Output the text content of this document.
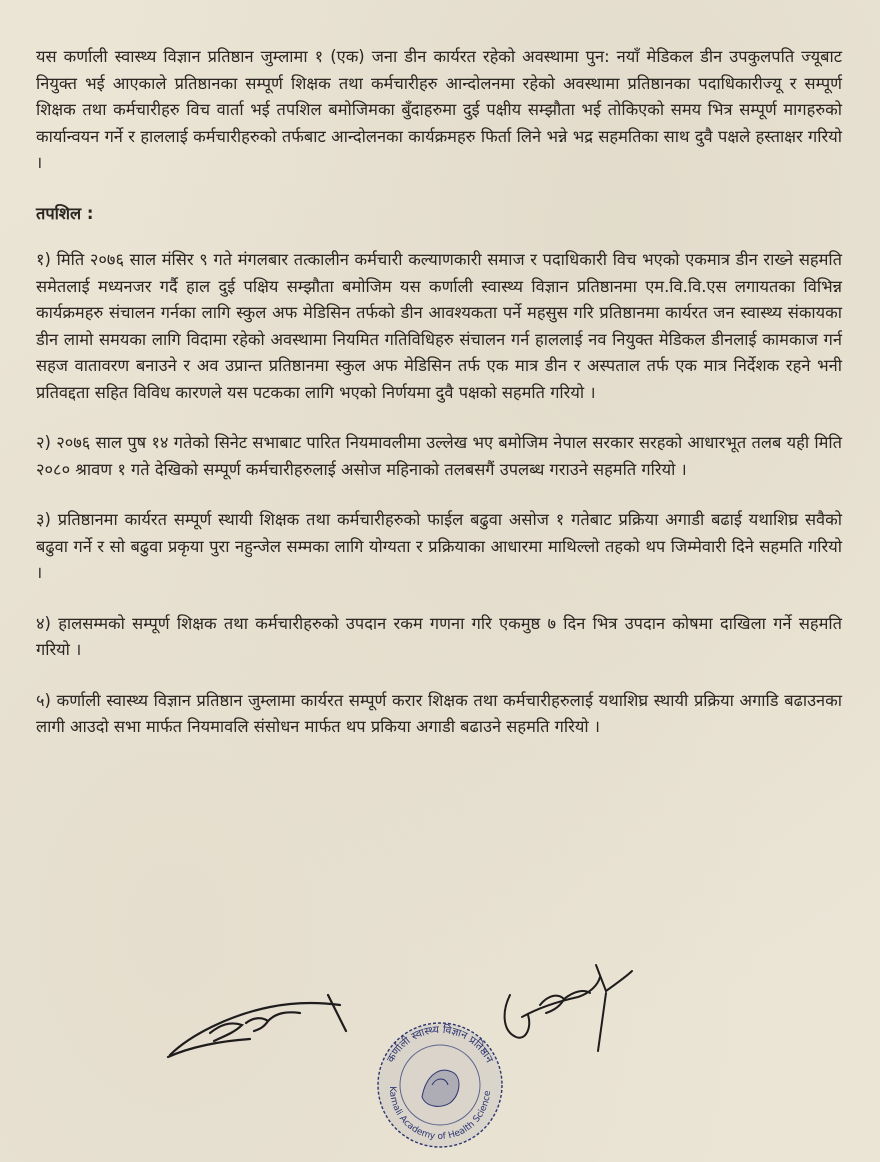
यस कर्णाली स्वास्थ्य विज्ञान प्रतिष्ठान जुम्लामा १ (एक) जना डीन कार्यरत रहेको अवस्थामा पुन: नयाँ मेडिकल डीन उपकुलपति ज्यूबाट नियुक्त भई आएकाले प्रतिष्ठानका सम्पूर्ण शिक्षक तथा कर्मचारीहरु आन्दोलनमा रहेको अवस्थामा प्रतिष्ठानका पदाधिकारीज्यू र सम्पूर्ण शिक्षक तथा कर्मचारीहरु विच वार्ता भई तपशिल बमोजिमका बुँदाहरुमा दुई पक्षीय सम्झौता भई तोकिएको समय भित्र सम्पूर्ण मागहरुको कार्यान्वयन गर्ने र हाललाई कर्मचारीहरुको तर्फबाट आन्दोलनका कार्यक्रमहरु फिर्ता लिने भन्ने भद्र सहमतिका साथ दुवै पक्षले हस्ताक्षर गरियो ।

तपशिल :

१) मिति २०७६ साल मंसिर ९ गते मंगलबार तत्कालीन कर्मचारी कल्याणकारी समाज र पदाधिकारी विच भएको एकमात्र डीन राख्ने सहमति समेतलाई मध्यनजर गर्दै हाल दुई पक्षिय सम्झौता बमोजिम यस कर्णाली स्वास्थ्य विज्ञान प्रतिष्ठानमा एम.वि.वि.एस लगायतका विभिन्न कार्यक्रमहरु संचालन गर्नका लागि स्कुल अफ मेडिसिन तर्फको डीन आवश्यकता पर्ने महसुस गरि प्रतिष्ठानमा कार्यरत जन स्वास्थ्य संकायका डीन लामो समयका लागि विदामा रहेको अवस्थामा नियमित गतिविधिहरु संचालन गर्न हाललाई नव नियुक्त मेडिकल डीनलाई कामकाज गर्न सहज वातावरण बनाउने र अव उप्रान्त प्रतिष्ठानमा स्कुल अफ मेडिसिन तर्फ एक मात्र डीन र अस्पताल तर्फ एक मात्र निर्देशक रहने भनी प्रतिवद्दता सहित विविध कारणले यस पटकका लागि भएको निर्णयमा दुवै पक्षको सहमति गरियो ।

२) २०७६ साल पुष १४ गतेको सिनेट सभाबाट पारित नियमावलीमा उल्लेख भए बमोजिम नेपाल सरकार सरहको आधारभूत तलब यही मिति २०८० श्रावण १ गते देखिको सम्पूर्ण कर्मचारीहरुलाई असोज महिनाको तलबसगैं उपलब्ध गराउने सहमति गरियो ।

३) प्रतिष्ठानमा कार्यरत सम्पूर्ण स्थायी शिक्षक तथा कर्मचारीहरुको फाईल बढुवा असोज १ गतेबाट प्रक्रिया अगाडी बढाई यथाशिघ्र सवैको बढुवा गर्ने र सो बढुवा प्रकृया पुरा नहुन्जेल सम्मका लागि योग्यता र प्रक्रियाका आधारमा माथिल्लो तहको थप जिम्मेवारी दिने सहमति गरियो ।

४) हालसम्मको सम्पूर्ण शिक्षक तथा कर्मचारीहरुको उपदान रकम गणना गरि एकमुष्ठ ७ दिन भित्र उपदान कोषमा दाखिला गर्ने सहमति गरियो ।

५) कर्णाली स्वास्थ्य विज्ञान प्रतिष्ठान जुम्लामा कार्यरत सम्पूर्ण करार शिक्षक तथा कर्मचारीहरुलाई यथाशिघ्र स्थायी प्रक्रिया अगाडि बढाउनका लागी आउदो सभा मार्फत नियमावलि संसोधन मार्फत थप प्रकिया अगाडी बढाउने सहमति गरियो ।

कर्णाली स्वास्थ्य विज्ञान प्रतिष्ठान
Karnali Academy of Health Science
